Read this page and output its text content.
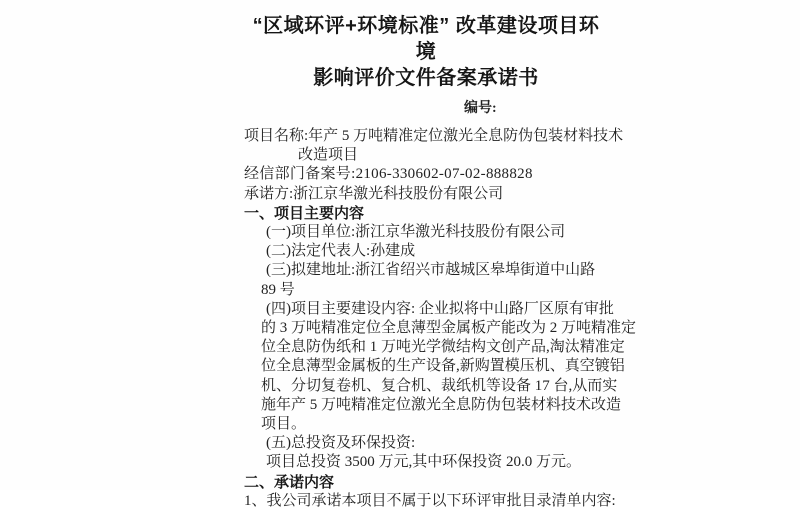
“区域环评+环境标准” 改革建设项目环境
影响评价文件备案承诺书
编号:
项目名称:年产 5 万吨精准定位激光全息防伪包装材料技术
改造项目
经信部门备案号:2106-330602-07-02-888828
承诺方:浙江京华激光科技股份有限公司
一、项目主要内容
(一)项目单位:浙江京华激光科技股份有限公司
(二)法定代表人:孙建成
(三)拟建地址:浙江省绍兴市越城区皋埠街道中山路
89 号
(四)项目主要建设内容: 企业拟将中山路厂区原有审批
的 3 万吨精准定位全息薄型金属板产能改为 2 万吨精准定
位全息防伪纸和 1 万吨光学微结构文创产品,淘汰精准定
位全息薄型金属板的生产设备,新购置模压机、真空镀铝
机、分切复卷机、复合机、裁纸机等设备 17 台,从而实
施年产 5 万吨精准定位激光全息防伪包装材料技术改造
项目。
(五)总投资及环保投资:
项目总投资 3500 万元,其中环保投资 20.0 万元。
二、承诺内容
1、我公司承诺本项目不属于以下环评审批目录清单内容:
